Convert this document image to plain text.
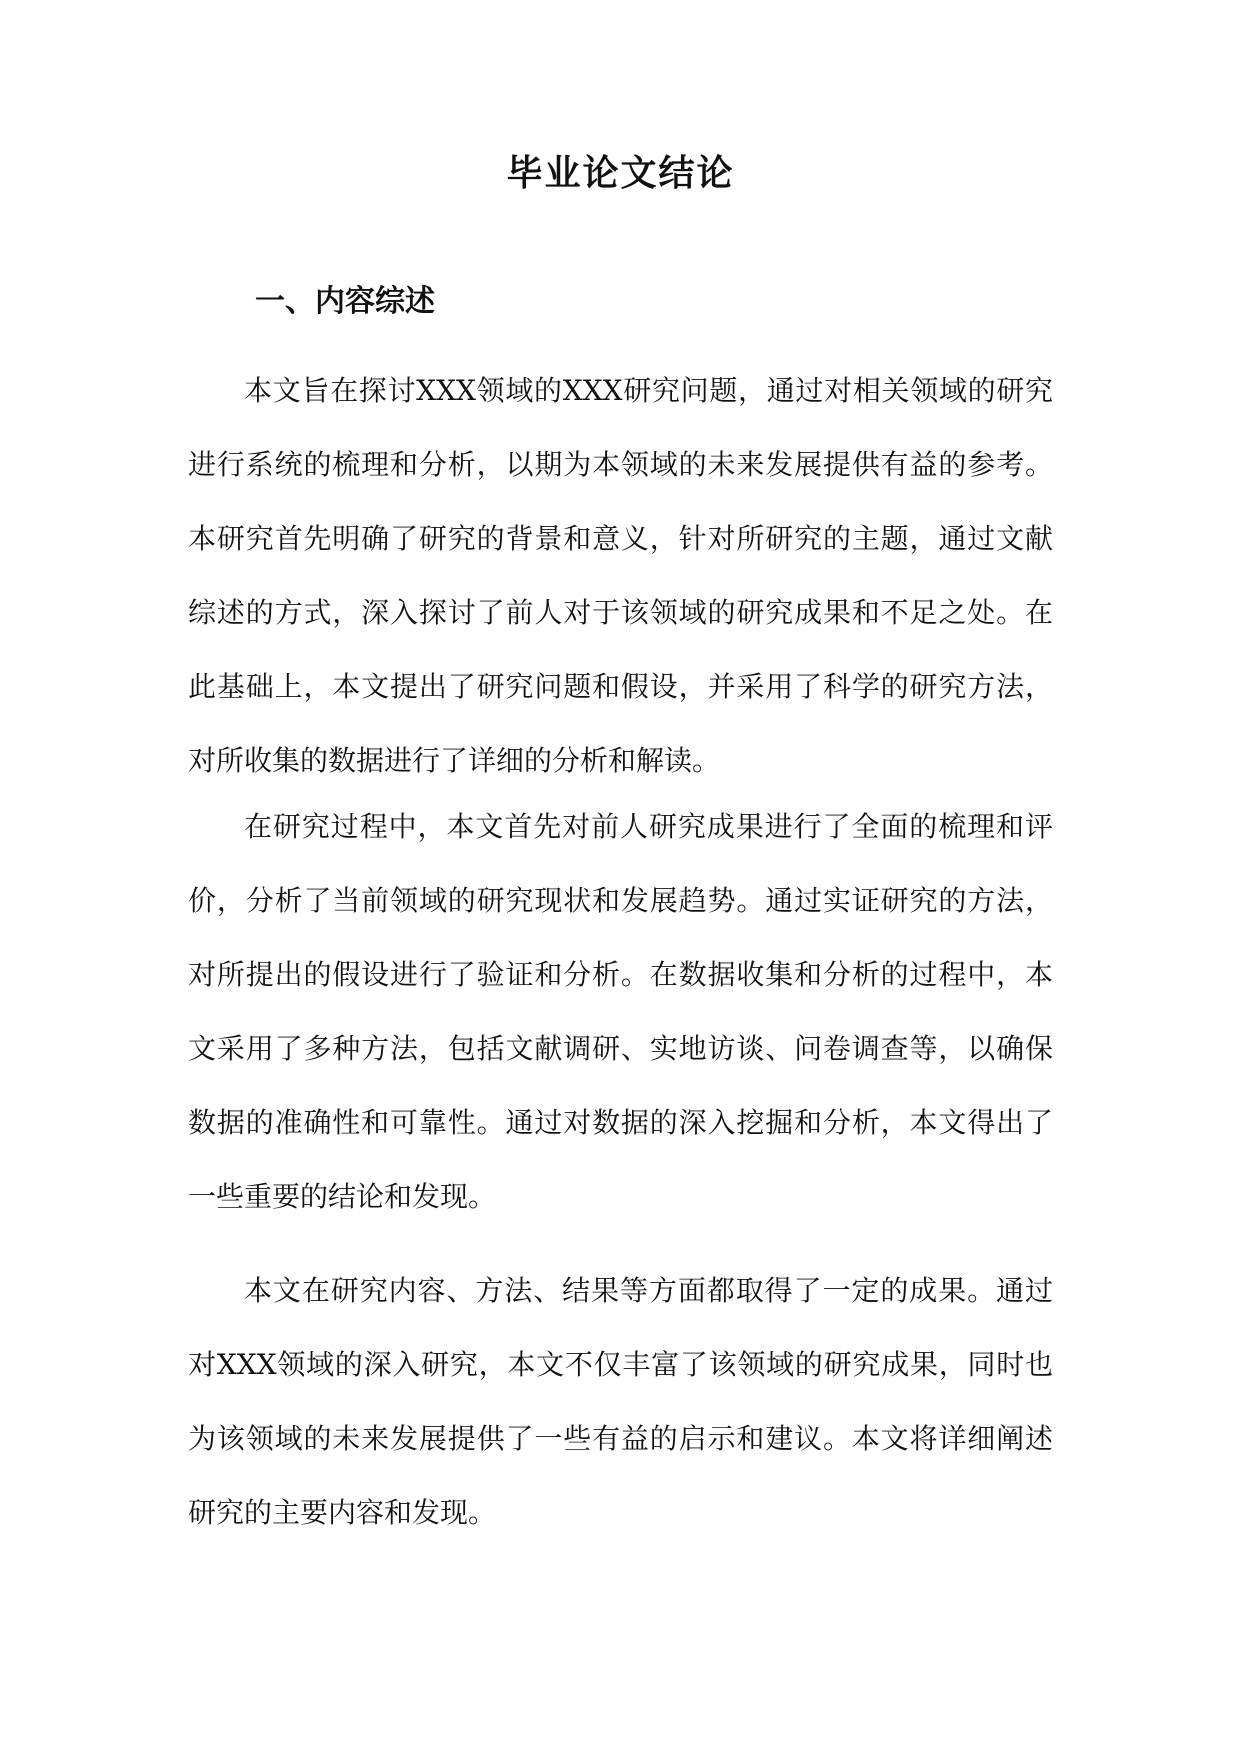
毕业论文结论
一、内容综述

本文旨在探讨XXX领域的XXX研究问题，通过对相关领域的研究进行系统的梳理和分析，以期为本领域的未来发展提供有益的参考。本研究首先明确了研究的背景和意义，针对所研究的主题，通过文献综述的方式，深入探讨了前人对于该领域的研究成果和不足之处。在此基础上，本文提出了研究问题和假设，并采用了科学的研究方法，对所收集的数据进行了详细的分析和解读。

在研究过程中，本文首先对前人研究成果进行了全面的梳理和评价，分析了当前领域的研究现状和发展趋势。通过实证研究的方法，对所提出的假设进行了验证和分析。在数据收集和分析的过程中，本文采用了多种方法，包括文献调研、实地访谈、问卷调查等，以确保数据的准确性和可靠性。通过对数据的深入挖掘和分析，本文得出了一些重要的结论和发现。

本文在研究内容、方法、结果等方面都取得了一定的成果。通过对XXX领域的深入研究，本文不仅丰富了该领域的研究成果，同时也为该领域的未来发展提供了一些有益的启示和建议。本文将详细阐述研究的主要内容和发现。
